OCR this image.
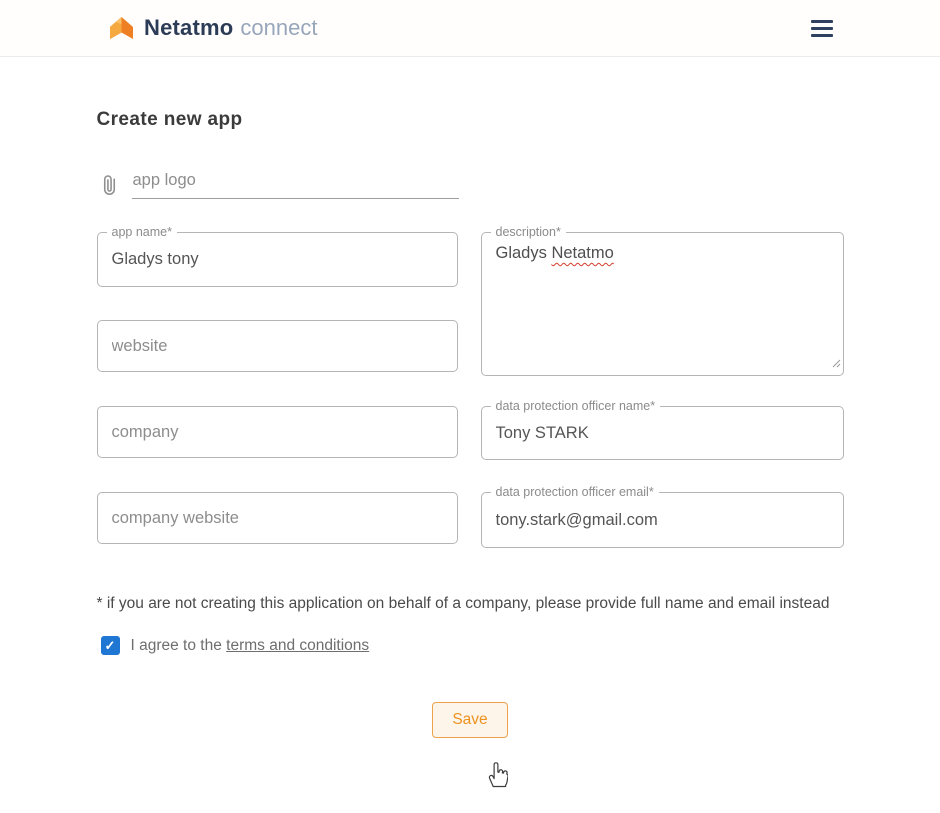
Netatmo connect
Create new app
app logo
app name*
Gladys tony
website
company
company website	description*
Gladys Netatmo
data protection officer name*
Tony STARK
data protection officer email*
tony.stark@gmail.com

* if you are not creating this application on behalf of a company, please provide full name and email instead

✓ I agree to the terms and conditions
Save
